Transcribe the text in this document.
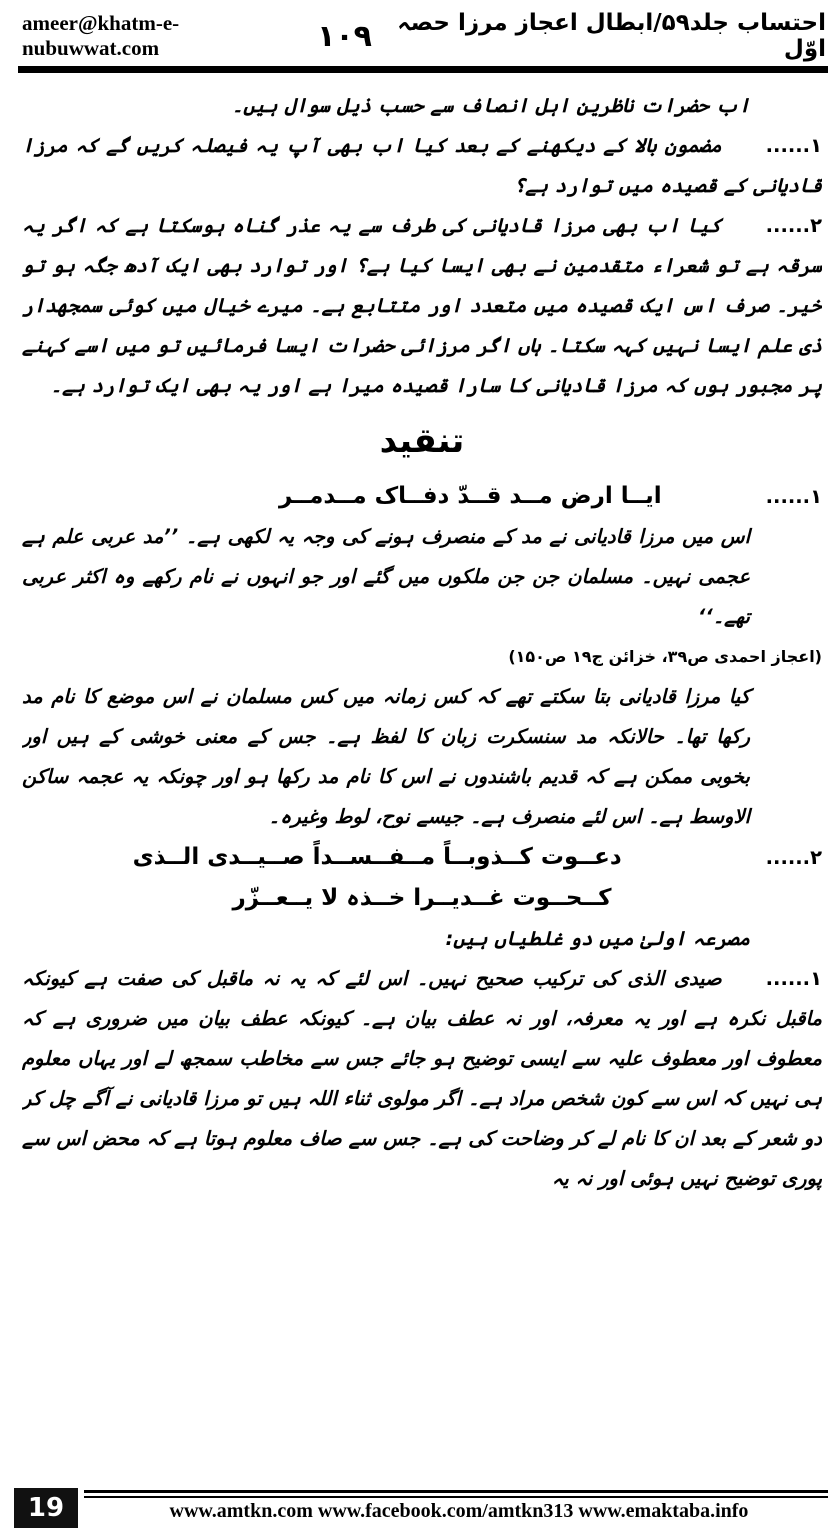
ameer@khatm-e-nubuwwat.com	۱۰۹	احتساب جلد۵۹/ابطال اعجاز مرزا حصہ اوّل

اب حضرات ناظرین اہل انصاف سے حسب ذیل سوال ہیں۔

۱......مضمون بالا کے دیکھنے کے بعد کیا اب بھی آپ یہ فیصلہ کریں گے کہ مرزا قادیانی کے قصیدہ میں توارد ہے؟

۲......کیا اب بھی مرزا قادیانی کی طرف سے یہ عذر گناہ ہوسکتا ہے کہ اگر یہ سرقہ ہے تو شعراء متقدمین نے بھی ایسا کیا ہے؟ اور توارد بھی ایک آدھ جگہ ہو تو خیر۔ صرف اس ایک قصیدہ میں متعدد اور متتابع ہے۔ میرے خیال میں کوئی سمجھدار ذی علم ایسا نہیں کہہ سکتا۔ ہاں اگر مرزائی حضرات ایسا فرمائیں تو میں اسے کہنے پر مجبور ہوں کہ مرزا قادیانی کا سارا قصیدہ میرا ہے اور یہ بھی ایک توارد ہے۔

تنقید

۱......ایــا ارض مــد قــدّ دفــاک مــدمــر

اس میں مرزا قادیانی نے مد کے منصرف ہونے کی وجہ یہ لکھی ہے۔ ’’مد عربی علم ہے عجمی نہیں۔ مسلمان جن جن ملکوں میں گئے اور جو انہوں نے نام رکھے وہ اکثر عربی تھے۔‘‘

(اعجاز احمدی ص۳۹، خزائن ج۱۹ ص۱۵۰)

کیا مرزا قادیانی بتا سکتے تھے کہ کس زمانہ میں کس مسلمان نے اس موضع کا نام مد رکھا تھا۔ حالانکہ مد سنسکرت زبان کا لفظ ہے۔ جس کے معنی خوشی کے ہیں اور بخوبی ممکن ہے کہ قدیم باشندوں نے اس کا نام مد رکھا ہو اور چونکہ یہ عجمہ ساکن الاوسط ہے۔ اس لئے منصرف ہے۔ جیسے نوح، لوط وغیرہ۔

۲......دعــوت کــذوبــاً مــفــســداً صــیــدی الــذی

کــحــوت غــدیــرا خــذہ لا یــعــزّر

مصرعہ اولیٰ میں دو غلطیاں ہیں:

۱......صیدی الذی کی ترکیب صحیح نہیں۔ اس لئے کہ یہ نہ ماقبل کی صفت ہے کیونکہ ماقبل نکرہ ہے اور یہ معرفہ، اور نہ عطف بیان ہے۔ کیونکہ عطف بیان میں ضروری ہے کہ معطوف اور معطوف علیہ سے ایسی توضیح ہو جائے جس سے مخاطب سمجھ لے اور یہاں معلوم ہی نہیں کہ اس سے کون شخص مراد ہے۔ اگر مولوی ثناء اللہ ہیں تو مرزا قادیانی نے آگے چل کر دو شعر کے بعد ان کا نام لے کر وضاحت کی ہے۔ جس سے صاف معلوم ہوتا ہے کہ محض اس سے پوری توضیح نہیں ہوئی اور نہ یہ

19	www.amtkn.com www.facebook.com/amtkn313 www.emaktaba.info
